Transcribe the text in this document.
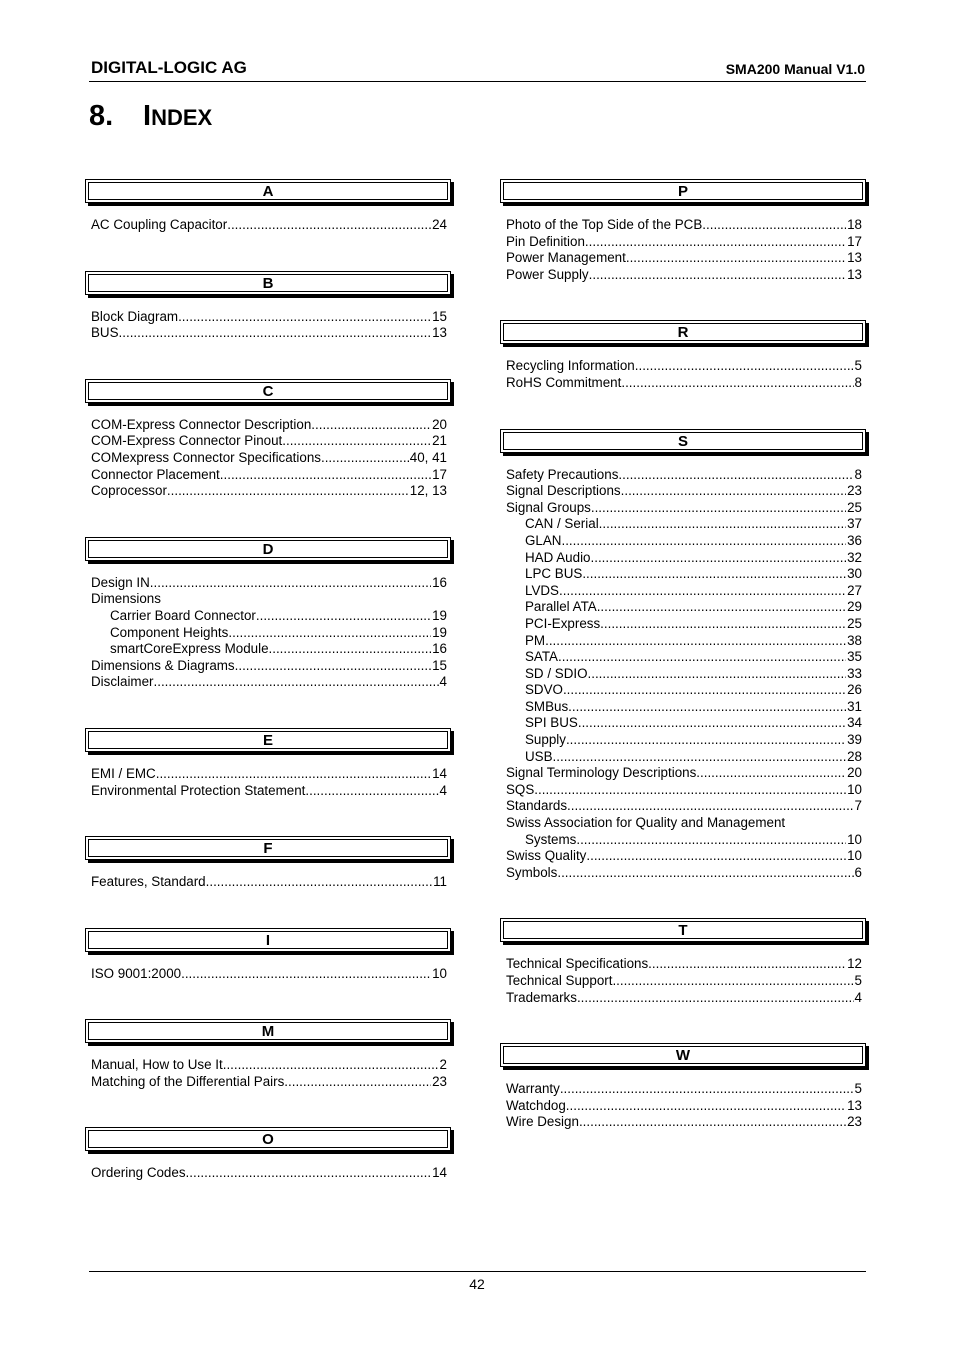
DIGITAL-LOGIC AG	SMA200 Manual V1.0
8. INDEX
A
AC Coupling Capacitor .....	24
B
Block Diagram .....	15
BUS .....	13
C
COM-Express Connector Description .....	20
COM-Express Connector Pinout .....	21
COMexpress Connector Specifications .....	40, 41
Connector Placement .....	17
Coprocessor .....	12, 13
D
Design IN .....	16
Dimensions
Carrier Board Connector .....	19
Component Heights .....	19
smartCoreExpress Module .....	16
Dimensions & Diagrams .....	15
Disclaimer .....	4
E
EMI / EMC .....	14
Environmental Protection Statement .....	4
F
Features, Standard .....	11
I
ISO 9001:2000 .....	10
M
Manual, How to Use It .....	2
Matching of the Differential Pairs .....	23
O
Ordering Codes .....	14
P
Photo of the Top Side of the PCB .....	18
Pin Definition .....	17
Power Management .....	13
Power Supply .....	13
R
Recycling Information .....	5
RoHS Commitment .....	8
S
Safety Precautions .....	8
Signal Descriptions .....	23
Signal Groups .....	25
CAN / Serial .....	37
GLAN .....	36
HAD Audio .....	32
LPC BUS .....	30
LVDS .....	27
Parallel ATA .....	29
PCI-Express .....	25
PM .....	38
SATA .....	35
SD / SDIO .....	33
SDVO .....	26
SMBus .....	31
SPI BUS .....	34
Supply .....	39
USB .....	28
Signal Terminology Descriptions .....	20
SQS .....	10
Standards .....	7
Swiss Association for Quality and Management
Systems .....	10
Swiss Quality .....	10
Symbols .....	6
T
Technical Specifications .....	12
Technical Support .....	5
Trademarks .....	4
W
Warranty .....	5
Watchdog .....	13
Wire Design .....	23
42
